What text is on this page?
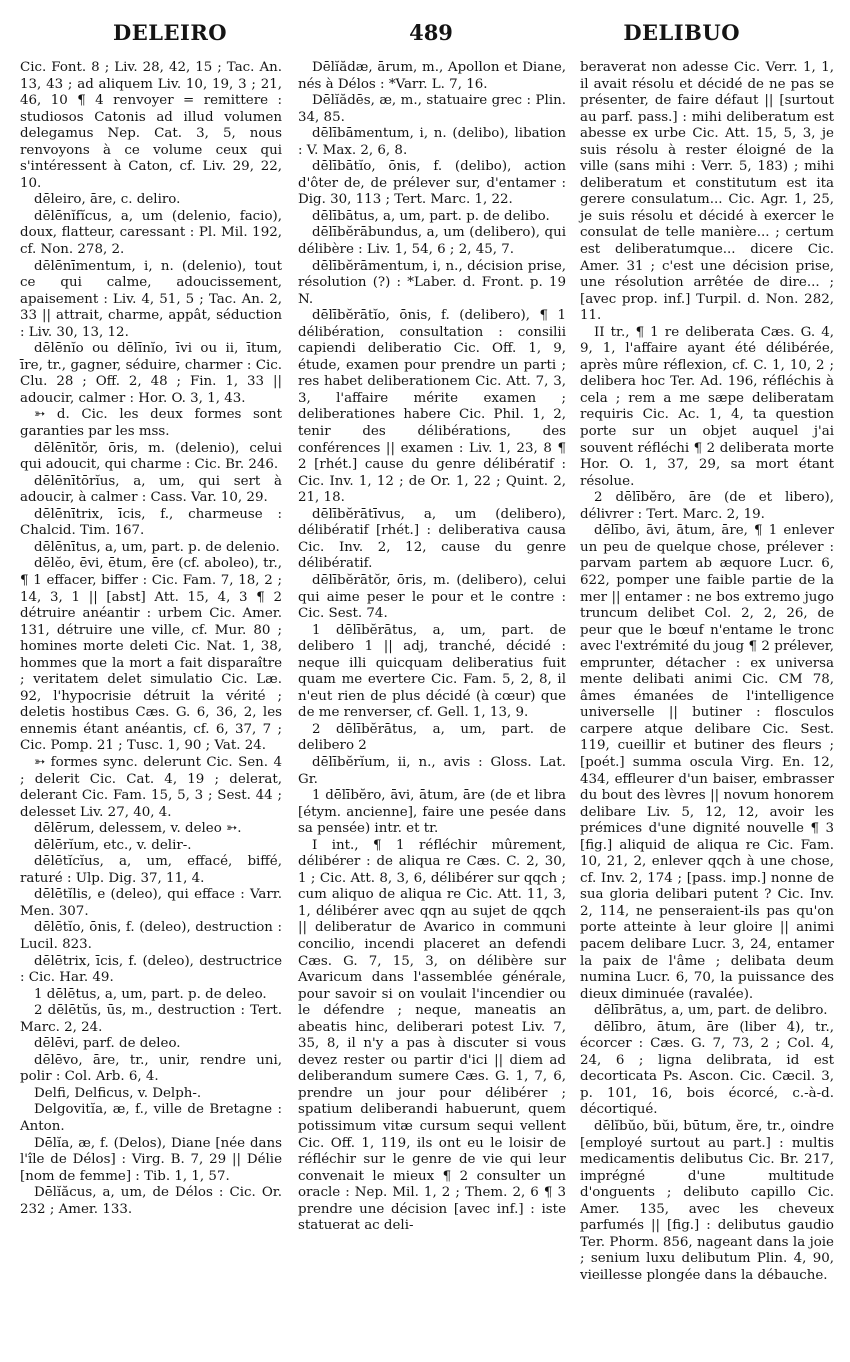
DELEIRO	489	DELIBUO

Cic. Font. 8 ; Liv. 28, 42, 15 ; Tac. An. 13, 43 ; ad aliquem Liv. 10, 19, 3 ; 21, 46, 10 ¶ 4 renvoyer = remittere : studiosos Catonis ad illud volumen delegamus Nep. Cat. 3, 5, nous renvoyons à ce volume ceux qui s'intéressent à Caton, cf. Liv. 29, 22, 10.

dēleiro, āre, c. deliro.

dēlēnĭfĭcus, a, um (delenio, facio), doux, flatteur, caressant : Pl. Mil. 192, cf. Non. 278, 2.

dēlēnīmentum, i, n. (delenio), tout ce qui calme, adoucissement, apaisement : Liv. 4, 51, 5 ; Tac. An. 2, 33 || attrait, charme, appât, séduction : Liv. 30, 13, 12.

dēlēnĭo ou dēlīnĭo, īvi ou ii, ītum, īre, tr., gagner, séduire, charmer : Cic. Clu. 28 ; Off. 2, 48 ; Fin. 1, 33 || adoucir, calmer : Hor. O. 3, 1, 43.

➳ d. Cic. les deux formes sont garanties par les mss.

dēlēnītŏr, ōris, m. (delenio), celui qui adoucit, qui charme : Cic. Br. 246.

dēlēnītōrĭus, a, um, qui sert à adoucir, à calmer : Cass. Var. 10, 29.

dēlēnītrix, īcis, f., charmeuse : Chalcid. Tim. 167.

dēlēnītus, a, um, part. p. de delenio.

dēlĕo, ēvi, ētum, ēre (cf. aboleo), tr., ¶ 1 effacer, biffer : Cic. Fam. 7, 18, 2 ; 14, 3, 1 || [abst] Att. 15, 4, 3 ¶ 2 détruire anéantir : urbem Cic. Amer. 131, détruire une ville, cf. Mur. 80 ; homines morte deleti Cic. Nat. 1, 38, hommes que la mort a fait disparaître ; veritatem delet simulatio Cic. Læ. 92, l'hypocrisie détruit la vérité ; deletis hostibus Cæs. G. 6, 36, 2, les ennemis étant anéantis, cf. 6, 37, 7 ; Cic. Pomp. 21 ; Tusc. 1, 90 ; Vat. 24.

➳ formes sync. delerunt Cic. Sen. 4 ; delerit Cic. Cat. 4, 19 ; delerat, delerant Cic. Fam. 15, 5, 3 ; Sest. 44 ; delesset Liv. 27, 40, 4.

dēlērum, delessem, v. deleo ➳.

dēlērĭum, etc., v. delir-.

dēlētĭcĭus, a, um, effacé, biffé, raturé : Ulp. Dig. 37, 11, 4.

dēlētĭlis, e (deleo), qui efface : Varr. Men. 307.

dēlētĭo, ōnis, f. (deleo), destruction : Lucil. 823.

dēlētrix, īcis, f. (deleo), destructrice : Cic. Har. 49.

1 dēlētus, a, um, part. p. de deleo.

2 dēlētŭs, ūs, m., destruction : Tert. Marc. 2, 24.

dēlēvi, parf. de deleo.

dēlēvo, āre, tr., unir, rendre uni, polir : Col. Arb. 6, 4.

Delfi, Delficus, v. Delph-.

Delgovitĭa, æ, f., ville de Bretagne : Anton.

Dēlĭa, æ, f. (Delos), Diane [née dans l'île de Délos] : Virg. B. 7, 29 || Délie [nom de femme] : Tib. 1, 1, 57.

Dēlĭăcus, a, um, de Délos : Cic. Or. 232 ; Amer. 133.

Dēlĭădæ, ārum, m., Apollon et Diane, nés à Délos : *Varr. L. 7, 16.

Dēlĭădēs, æ, m., statuaire grec : Plin. 34, 85.

dēlībāmentum, i, n. (delibo), libation : V. Max. 2, 6, 8.

dēlībātĭo, ōnis, f. (delibo), action d'ôter de, de prélever sur, d'entamer : Dig. 30, 113 ; Tert. Marc. 1, 22.

dēlībātus, a, um, part. p. de delibo.

dēlībĕrābundus, a, um (delibero), qui délibère : Liv. 1, 54, 6 ; 2, 45, 7.

dēlībĕrāmentum, i, n., décision prise, résolution (?) : *Laber. d. Front. p. 19 N.

dēlībĕrātĭo, ōnis, f. (delibero), ¶ 1 délibération, consultation : consilii capiendi deliberatio Cic. Off. 1, 9, étude, examen pour prendre un parti ; res habet deliberationem Cic. Att. 7, 3, 3, l'affaire mérite examen ; deliberationes habere Cic. Phil. 1, 2, tenir des délibérations, des conférences || examen : Liv. 1, 23, 8 ¶ 2 [rhét.] cause du genre délibératif : Cic. Inv. 1, 12 ; de Or. 1, 22 ; Quint. 2, 21, 18.

dēlībĕrātīvus, a, um (delibero), délibératif [rhét.] : deliberativa causa Cic. Inv. 2, 12, cause du genre délibératif.

dēlībĕrātŏr, ōris, m. (delibero), celui qui aime peser le pour et le contre : Cic. Sest. 74.

1 dēlībĕrātus, a, um, part. de delibero 1 || adj, tranché, décidé : neque illi quicquam deliberatius fuit quam me evertere Cic. Fam. 5, 2, 8, il n'eut rien de plus décidé (à cœur) que de me renverser, cf. Gell. 1, 13, 9.

2 dēlībĕrātus, a, um, part. de delibero 2

dēlībĕrĭum, ii, n., avis : Gloss. Lat. Gr.

1 dēlībĕro, āvi, ātum, āre (de et libra [étym. ancienne], faire une pesée dans sa pensée) intr. et tr.

I int., ¶ 1 réfléchir mûrement, délibérer : de aliqua re Cæs. C. 2, 30, 1 ; Cic. Att. 8, 3, 6, délibérer sur qqch ; cum aliquo de aliqua re Cic. Att. 11, 3, 1, délibérer avec qqn au sujet de qqch || deliberatur de Avarico in communi concilio, incendi placeret an defendi Cæs. G. 7, 15, 3, on délibère sur Avaricum dans l'assemblée générale, pour savoir si on voulait l'incendier ou le défendre ; neque, maneatis an abeatis hinc, deliberari potest Liv. 7, 35, 8, il n'y a pas à discuter si vous devez rester ou partir d'ici || diem ad deliberandum sumere Cæs. G. 1, 7, 6, prendre un jour pour délibérer ; spatium deliberandi habuerunt, quem potissimum vitæ cursum sequi vellent Cic. Off. 1, 119, ils ont eu le loisir de réfléchir sur le genre de vie qui leur convenait le mieux ¶ 2 consulter un oracle : Nep. Mil. 1, 2 ; Them. 2, 6 ¶ 3 prendre une décision [avec inf.] : iste statuerat ac deli-

beraverat non adesse Cic. Verr. 1, 1, il avait résolu et décidé de ne pas se présenter, de faire défaut || [surtout au parf. pass.] : mihi deliberatum est abesse ex urbe Cic. Att. 15, 5, 3, je suis résolu à rester éloigné de la ville (sans mihi : Verr. 5, 183) ; mihi deliberatum et constitutum est ita gerere consulatum... Cic. Agr. 1, 25, je suis résolu et décidé à exercer le consulat de telle manière... ; certum est deliberatumque... dicere Cic. Amer. 31 ; c'est une décision prise, une résolution arrêtée de dire... ; [avec prop. inf.] Turpil. d. Non. 282, 11.

II tr., ¶ 1 re deliberata Cæs. G. 4, 9, 1, l'affaire ayant été délibérée, après mûre réflexion, cf. C. 1, 10, 2 ; delibera hoc Ter. Ad. 196, réfléchis à cela ; rem a me sæpe deliberatam requiris Cic. Ac. 1, 4, ta question porte sur un objet auquel j'ai souvent réfléchi ¶ 2 deliberata morte Hor. O. 1, 37, 29, sa mort étant résolue.

2 dēlībĕro, āre (de et libero), délivrer : Tert. Marc. 2, 19.

dēlībo, āvi, ātum, āre, ¶ 1 enlever un peu de quelque chose, prélever : parvam partem ab æquore Lucr. 6, 622, pomper une faible partie de la mer || entamer : ne bos extremo jugo truncum delibet Col. 2, 2, 26, de peur que le bœuf n'entame le tronc avec l'extrémité du joug ¶ 2 prélever, emprunter, détacher : ex universa mente delibati animi Cic. CM 78, âmes émanées de l'intelligence universelle || butiner : flosculos carpere atque delibare Cic. Sest. 119, cueillir et butiner des fleurs ; [poét.] summa oscula Virg. En. 12, 434, effleurer d'un baiser, embrasser du bout des lèvres || novum honorem delibare Liv. 5, 12, 12, avoir les prémices d'une dignité nouvelle ¶ 3 [fig.] aliquid de aliqua re Cic. Fam. 10, 21, 2, enlever qqch à une chose, cf. Inv. 2, 174 ; [pass. imp.] nonne de sua gloria delibari putent ? Cic. Inv. 2, 114, ne penseraient-ils pas qu'on porte atteinte à leur gloire || animi pacem delibare Lucr. 3, 24, entamer la paix de l'âme ; delibata deum numina Lucr. 6, 70, la puissance des dieux diminuée (ravalée).

dēlībrātus, a, um, part. de delibro.

dēlībro, ātum, āre (liber 4), tr., écorcer : Cæs. G. 7, 73, 2 ; Col. 4, 24, 6 ; ligna delibrata, id est decorticata Ps. Ascon. Cic. Cæcil. 3, p. 101, 16, bois écorcé, c.-à-d. décortiqué.

dēlĭbŭo, bŭi, būtum, ĕre, tr., oindre [employé surtout au part.] : multis medicamentis delibutus Cic. Br. 217, imprégné d'une multitude d'onguents ; delibuto capillo Cic. Amer. 135, avec les cheveux parfumés || [fig.] : delibutus gaudio Ter. Phorm. 856, nageant dans la joie ; senium luxu delibutum Plin. 4, 90, vieillesse plongée dans la débauche.
